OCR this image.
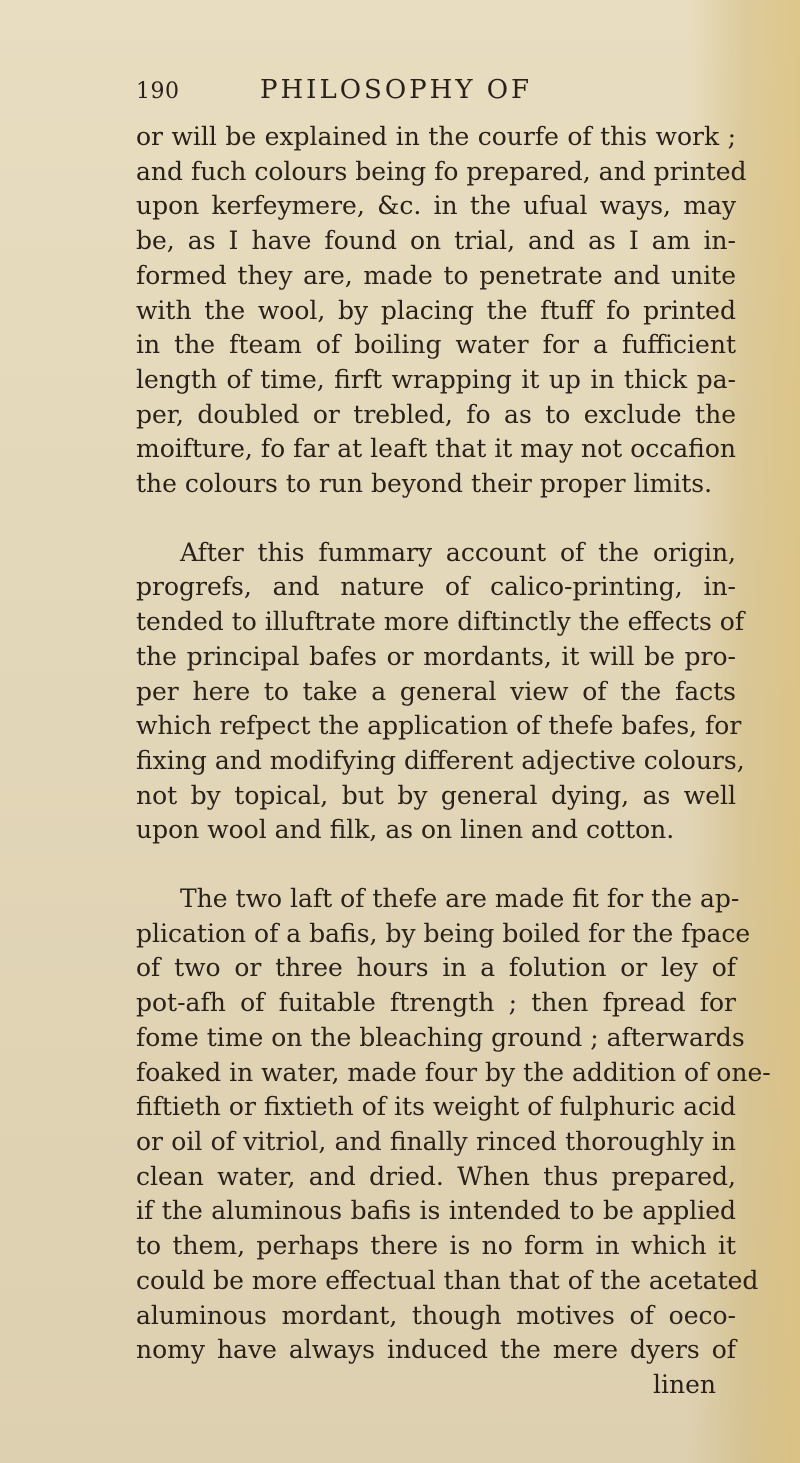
190	PHILOSOPHY OF

or will be explained in the courfe of this work ;
and fuch colours being fo prepared, and printed
upon kerfeymere, &c. in the ufual ways, may
be, as I have found on trial, and as I am in-
formed they are, made to penetrate and unite
with the wool, by placing the ftuff fo printed
in the fteam of boiling water for a fufficient
length of time, firft wrapping it up in thick pa-
per, doubled or trebled, fo as to exclude the
moifture, fo far at leaft that it may not occafion
the colours to run beyond their proper limits.

After this fummary account of the origin,
progrefs, and nature of calico-printing, in-
tended to illuftrate more diftinctly the effects of
the principal bafes or mordants, it will be pro-
per here to take a general view of the facts
which refpect the application of thefe bafes, for
fixing and modifying different adjective colours,
not by topical, but by general dying, as well
upon wool and filk, as on linen and cotton.

The two laft of thefe are made fit for the ap-
plication of a bafis, by being boiled for the fpace
of two or three hours in a folution or ley of
pot-afh of fuitable ftrength ; then fpread for
fome time on the bleaching ground ; afterwards
foaked in water, made four by the addition of one-
fiftieth or fixtieth of its weight of fulphuric acid
or oil of vitriol, and finally rinced thoroughly in
clean water, and dried. When thus prepared,
if the aluminous bafis is intended to be applied
to them, perhaps there is no form in which it
could be more effectual than that of the acetated
aluminous mordant, though motives of oeco-
nomy have always induced the mere dyers of
linen
